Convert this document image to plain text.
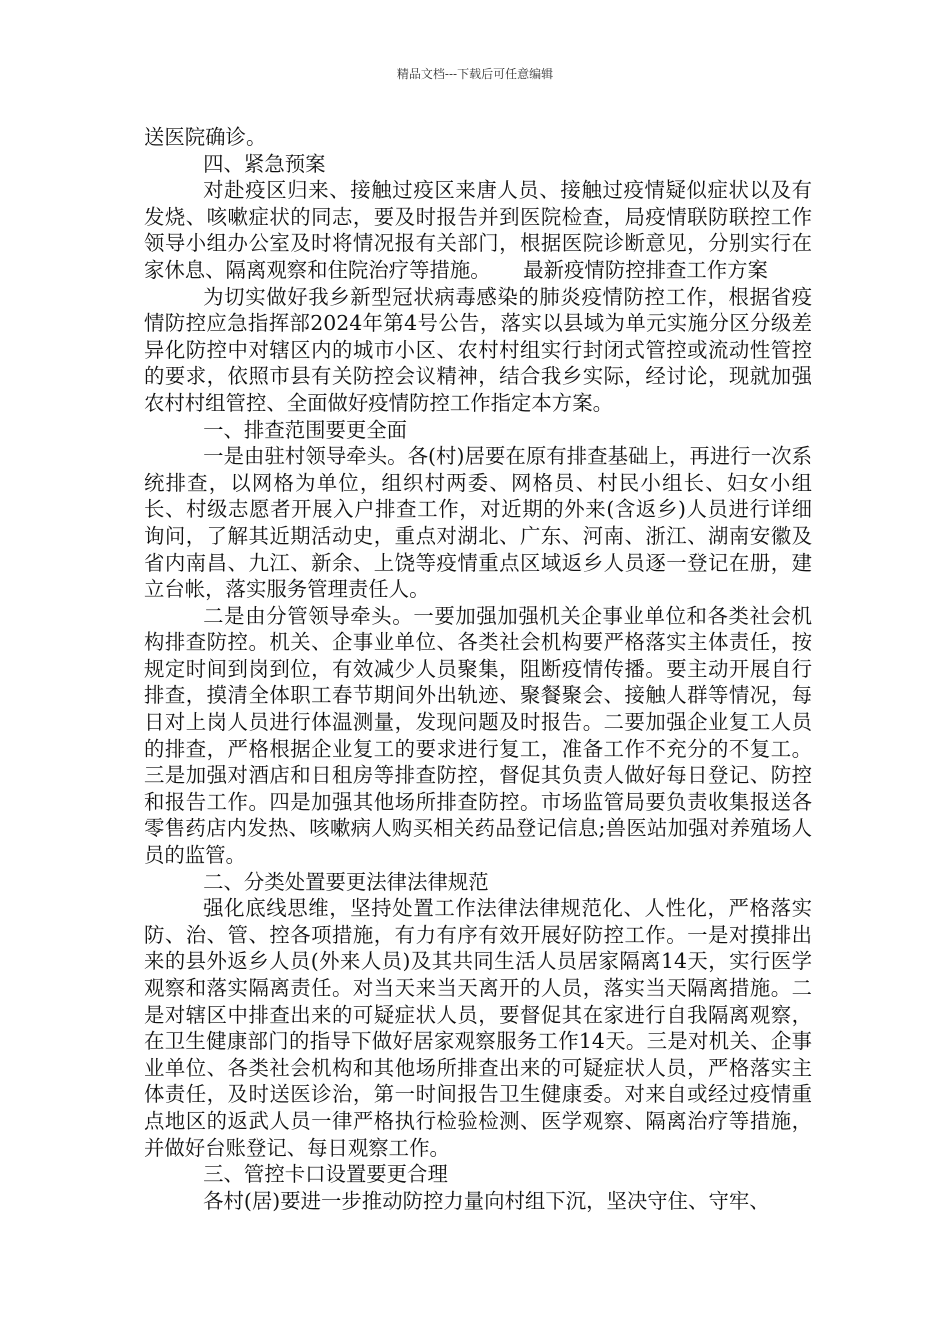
精品文档---下载后可任意编辑

送医院确诊。

四、紧急预案

对赴疫区归来、接触过疫区来唐人员、接触过疫情疑似症状以及有发烧、咳嗽症状的同志，要及时报告并到医院检查，局疫情联防联控工作领导小组办公室及时将情况报有关部门，根据医院诊断意见，分别实行在家休息、隔离观察和住院治疗等措施。 最新疫情防控排查工作方案

为切实做好我乡新型冠状病毒感染的肺炎疫情防控工作，根据省疫情防控应急指挥部2024年第4号公告，落实以县域为单元实施分区分级差异化防控中对辖区内的城市小区、农村村组实行封闭式管控或流动性管控的要求，依照市县有关防控会议精神，结合我乡实际，经讨论，现就加强农村村组管控、全面做好疫情防控工作指定本方案。

一、排查范围要更全面

一是由驻村领导牵头。各(村)居要在原有排查基础上，再进行一次系统排查，以网格为单位，组织村两委、网格员、村民小组长、妇女小组长、村级志愿者开展入户排查工作，对近期的外来(含返乡)人员进行详细询问，了解其近期活动史，重点对湖北、广东、河南、浙江、湖南安徽及省内南昌、九江、新余、上饶等疫情重点区域返乡人员逐一登记在册，建立台帐，落实服务管理责任人。

二是由分管领导牵头。一要加强加强机关企事业单位和各类社会机构排查防控。机关、企事业单位、各类社会机构要严格落实主体责任，按规定时间到岗到位，有效减少人员聚集，阻断疫情传播。要主动开展自行排查，摸清全体职工春节期间外出轨迹、聚餐聚会、接触人群等情况，每日对上岗人员进行体温测量，发现问题及时报告。二要加强企业复工人员的排查，严格根据企业复工的要求进行复工，准备工作不充分的不复工。三是加强对酒店和日租房等排查防控，督促其负责人做好每日登记、防控和报告工作。四是加强其他场所排查防控。市场监管局要负责收集报送各零售药店内发热、咳嗽病人购买相关药品登记信息;兽医站加强对养殖场人员的监管。

二、分类处置要更法律法律规范

强化底线思维，坚持处置工作法律法律规范化、人性化，严格落实防、治、管、控各项措施，有力有序有效开展好防控工作。一是对摸排出来的县外返乡人员(外来人员)及其共同生活人员居家隔离14天，实行医学观察和落实隔离责任。对当天来当天离开的人员，落实当天隔离措施。二是对辖区中排查出来的可疑症状人员，要督促其在家进行自我隔离观察，在卫生健康部门的指导下做好居家观察服务工作14天。三是对机关、企事业单位、各类社会机构和其他场所排查出来的可疑症状人员，严格落实主体责任，及时送医诊治，第一时间报告卫生健康委。对来自或经过疫情重点地区的返武人员一律严格执行检验检测、医学观察、隔离治疗等措施，并做好台账登记、每日观察工作。

三、管控卡口设置要更合理

各村(居)要进一步推动防控力量向村组下沉，坚决守住、守牢、
